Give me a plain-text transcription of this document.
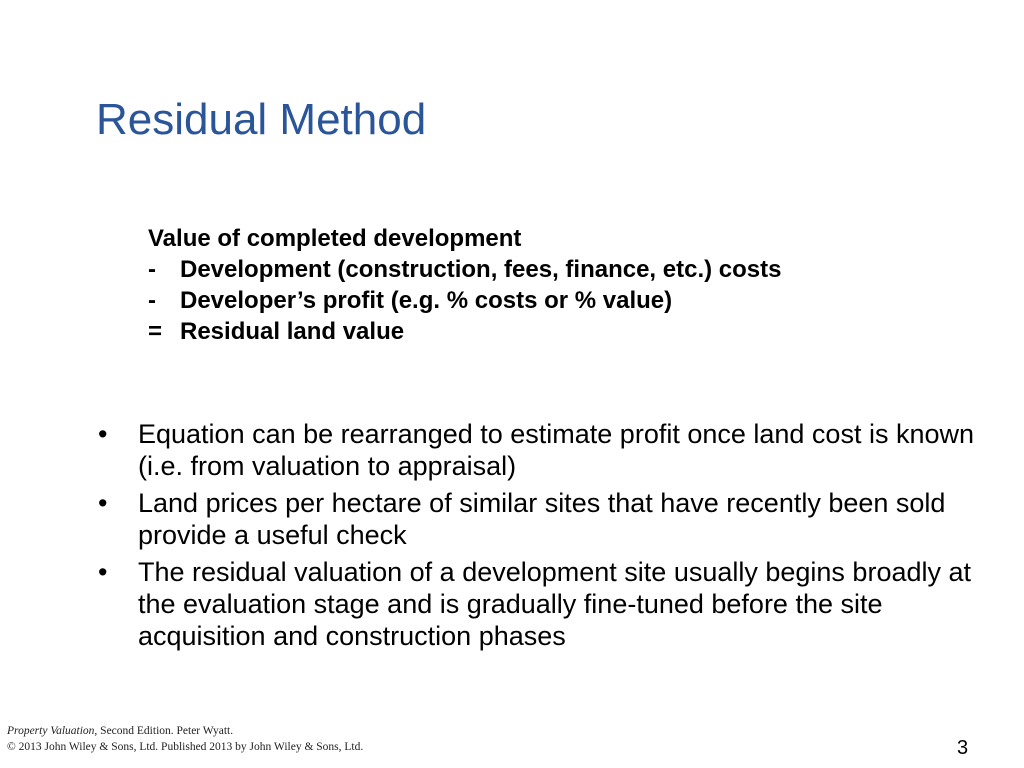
Residual Method
Value of completed development
-	Development (construction, fees, finance, etc.) costs
-	Developer’s profit (e.g. % costs or % value)
= Residual land value
•	Equation can be rearranged to estimate profit once land cost is known (i.e. from valuation to appraisal)
•	Land prices per hectare of similar sites that have recently been sold provide a useful check
•	The residual valuation of a development site usually begins broadly at the evaluation stage and is gradually fine-tuned before the site acquisition and construction phases
Property Valuation, Second Edition. Peter Wyatt.
© 2013 John Wiley & Sons, Ltd. Published 2013 by John Wiley & Sons, Ltd.	3
